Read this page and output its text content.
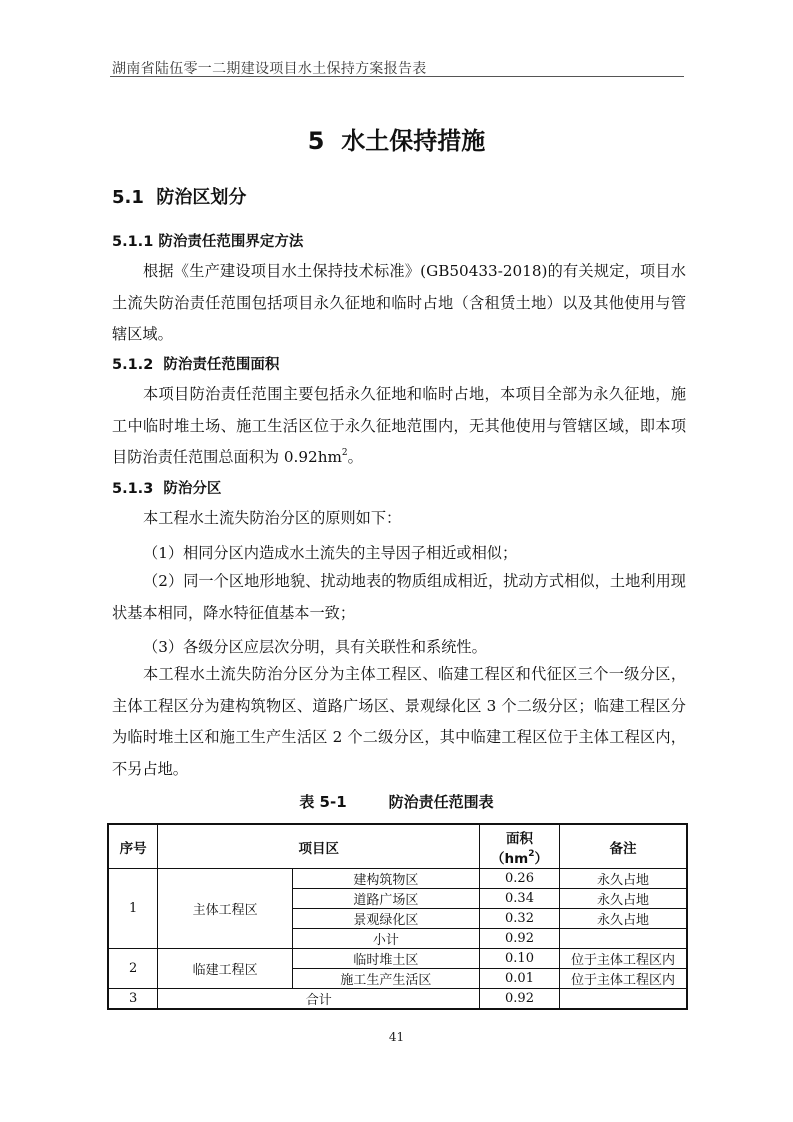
湖南省陆伍零一二期建设项目水土保持方案报告表
5  水土保持措施
5.1  防治区划分
5.1.1 防治责任范围界定方法
根据《生产建设项目水土保持技术标准》(GB50433-2018)的有关规定，项目水土流失防治责任范围包括项目永久征地和临时占地（含租赁土地）以及其他使用与管辖区域。
5.1.2  防治责任范围面积
本项目防治责任范围主要包括永久征地和临时占地，本项目全部为永久征地，施工中临时堆土场、施工生活区位于永久征地范围内，无其他使用与管辖区域，即本项目防治责任范围总面积为 $0.92hm^2$。
5.1.3  防治分区
本工程水土流失防治分区的原则如下：
（1）相同分区内造成水土流失的主导因子相近或相似；
（2）同一个区地形地貌、扰动地表的物质组成相近，扰动方式相似，土地利用现状基本相同，降水特征值基本一致；
（3）各级分区应层次分明，具有关联性和系统性。
本工程水土流失防治分区分为主体工程区、临建工程区和代征区三个一级分区，主体工程区分为建构筑物区、道路广场区、景观绿化区 3 个二级分区；临建工程区分为临时堆土区和施工生产生活区 2 个二级分区，其中临建工程区位于主体工程区内，不另占地。
表 5-1	防治责任范围表
序号	项目区		面积$(hm^2)$	备注
1	主体工程区	建构筑物区	0.26	永久占地
		道路广场区	0.34	永久占地
		景观绿化区	0.32	永久占地
		小计	0.92	
2	临建工程区	临时堆土区	0.10	位于主体工程区内
		施工生产生活区	0.01	位于主体工程区内
3	合计		0.92	
41
